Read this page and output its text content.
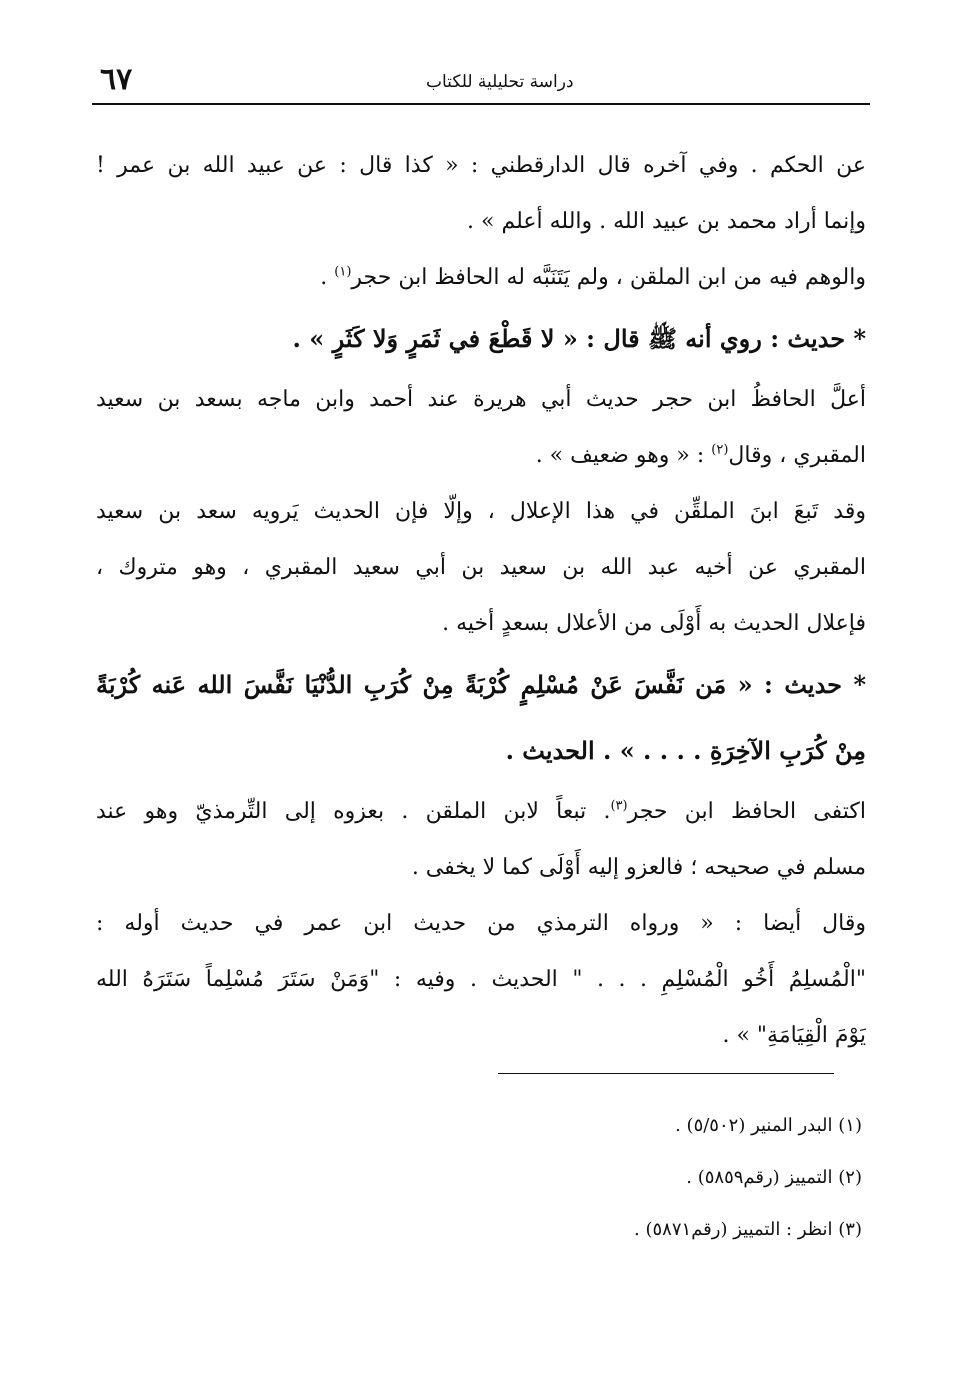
٦٧	دراسة تحليلية للكتاب
عن الحكم . وفي آخره قال الدارقطني : « كذا قال : عن عبيد الله بن عمر !
وإنما أراد محمد بن عبيد الله . والله أعلم » .
والوهم فيه من ابن الملقن ، ولم يَتَنَبَّه له الحافظ ابن حجر$^{(١)}$ .
* حديث : روي أنه ﷺ قال : « لا قَطْعَ في ثَمَرٍ وَلا كَثَرٍ » .
أعلَّ الحافظُ ابن حجر حديث أبي هريرة عند أحمد وابن ماجه بسعد بن سعيد
المقبري ، وقال$^{(٢)}$ : « وهو ضعيف » .
وقد تَبعَ ابنَ الملقِّن في هذا الإعلال ، وإلّا فإن الحديث يَرويه سعد بن سعيد
المقبري عن أخيه عبد الله بن سعيد بن أبي سعيد المقبري ، وهو متروك ،
فإعلال الحديث به أَوْلَى من الأعلال بسعدٍ أخيه .
* حديث : « مَن نَفَّسَ عَنْ مُسْلِمٍ كُرْبَةً مِنْ كُرَبِ الدُّنْيَا نَفَّسَ الله عَنه كُرْبَةً
مِنْ كُرَبِ الآخِرَةِ . . . . » . الحديث .
اكتفى الحافظ ابن حجر$^{(٣)}$. تبعاً لابن الملقن . بعزوه إلى التِّرمذيّ وهو عند
مسلم في صحيحه ؛ فالعزو إليه أَوْلَى كما لا يخفى .
وقال أيضا : « ورواه الترمذي من حديث ابن عمر في حديث أوله :
"الْمُسلِمُ أَخُو الْمُسْلِمِ . . . " الحديث . وفيه : "وَمَنْ سَتَرَ مُسْلِماً سَتَرَهُ الله
يَوْمَ الْقِيَامَةِ" » .
(١) البدر المنير (٥/٥٠٢) .
(٢) التمييز (رقم٥٨٥٩) .
(٣) انظر : التمييز (رقم٥٨٧١) .
